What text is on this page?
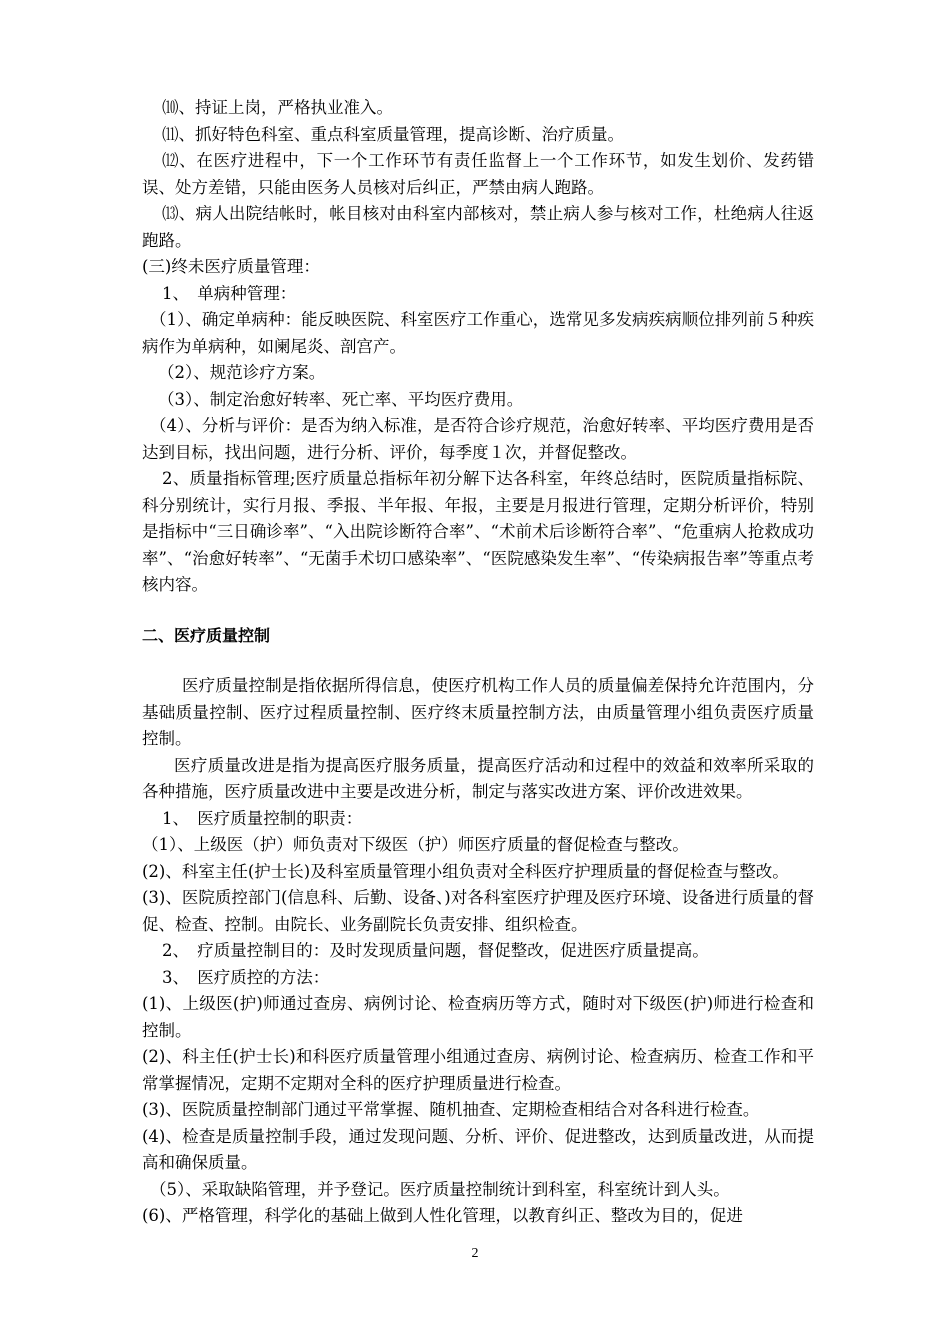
⑽、持证上岗，严格执业准入。

⑾、抓好特色科室、重点科室质量管理，提高诊断、治疗质量。

⑿、在医疗进程中，下一个工作环节有责任监督上一个工作环节，如发生划价、发药错误、处方差错，只能由医务人员核对后纠正，严禁由病人跑路。

⒀、病人出院结帐时，帐目核对由科室内部核对，禁止病人参与核对工作，杜绝病人往返跑路。

(三)终未医疗质量管理：

1、　单病种管理：

（1）、确定单病种：能反映医院、科室医疗工作重心，选常见多发病疾病顺位排列前５种疾病作为单病种，如阑尾炎、剖宫产。

（2）、规范诊疗方案。

（3）、制定治愈好转率、死亡率、平均医疗费用。

（4）、分析与评价：是否为纳入标准，是否符合诊疗规范，治愈好转率、平均医疗费用是否达到目标，找出问题，进行分析、评价，每季度１次，并督促整改。

2、质量指标管理;医疗质量总指标年初分解下达各科室，年终总结时，医院质量指标院、科分别统计，实行月报、季报、半年报、年报，主要是月报进行管理，定期分析评价，特别是指标中“三日确诊率”、“入出院诊断符合率”、“术前术后诊断符合率”、“危重病人抢救成功率”、“治愈好转率”、“无菌手术切口感染率”、“医院感染发生率”、“传染病报告率”等重点考核内容。

二、医疗质量控制

医疗质量控制是指依据所得信息，使医疗机构工作人员的质量偏差保持允许范围内，分基础质量控制、医疗过程质量控制、医疗终末质量控制方法，由质量管理小组负责医疗质量控制。

医疗质量改进是指为提高医疗服务质量，提高医疗活动和过程中的效益和效率所采取的各种措施，医疗质量改进中主要是改进分析，制定与落实改进方案、评价改进效果。

1、　医疗质量控制的职责：

（1）、上级医（护）师负责对下级医（护）师医疗质量的督促检查与整改。

(2)、科室主任(护士长)及科室质量管理小组负责对全科医疗护理质量的督促检查与整改。

(3)、医院质控部门(信息科、后勤、设备、)对各科室医疗护理及医疗环境、设备进行质量的督促、检查、控制。由院长、业务副院长负责安排、组织检查。

2、　疗质量控制目的：及时发现质量问题，督促整改，促进医疗质量提高。

3、　医疗质控的方法：

(1)、上级医(护)师通过查房、病例讨论、检查病历等方式，随时对下级医(护)师进行检查和控制。

(2)、科主任(护士长)和科医疗质量管理小组通过查房、病例讨论、检查病历、检查工作和平常掌握情况，定期不定期对全科的医疗护理质量进行检查。

(3)、医院质量控制部门通过平常掌握、随机抽查、定期检查相结合对各科进行检查。

(4)、检查是质量控制手段，通过发现问题、分析、评价、促进整改，达到质量改进，从而提高和确保质量。

（5）、采取缺陷管理，并予登记。医疗质量控制统计到科室，科室统计到人头。

(6)、严格管理，科学化的基础上做到人性化管理，以教育纠正、整改为目的，促进

2
